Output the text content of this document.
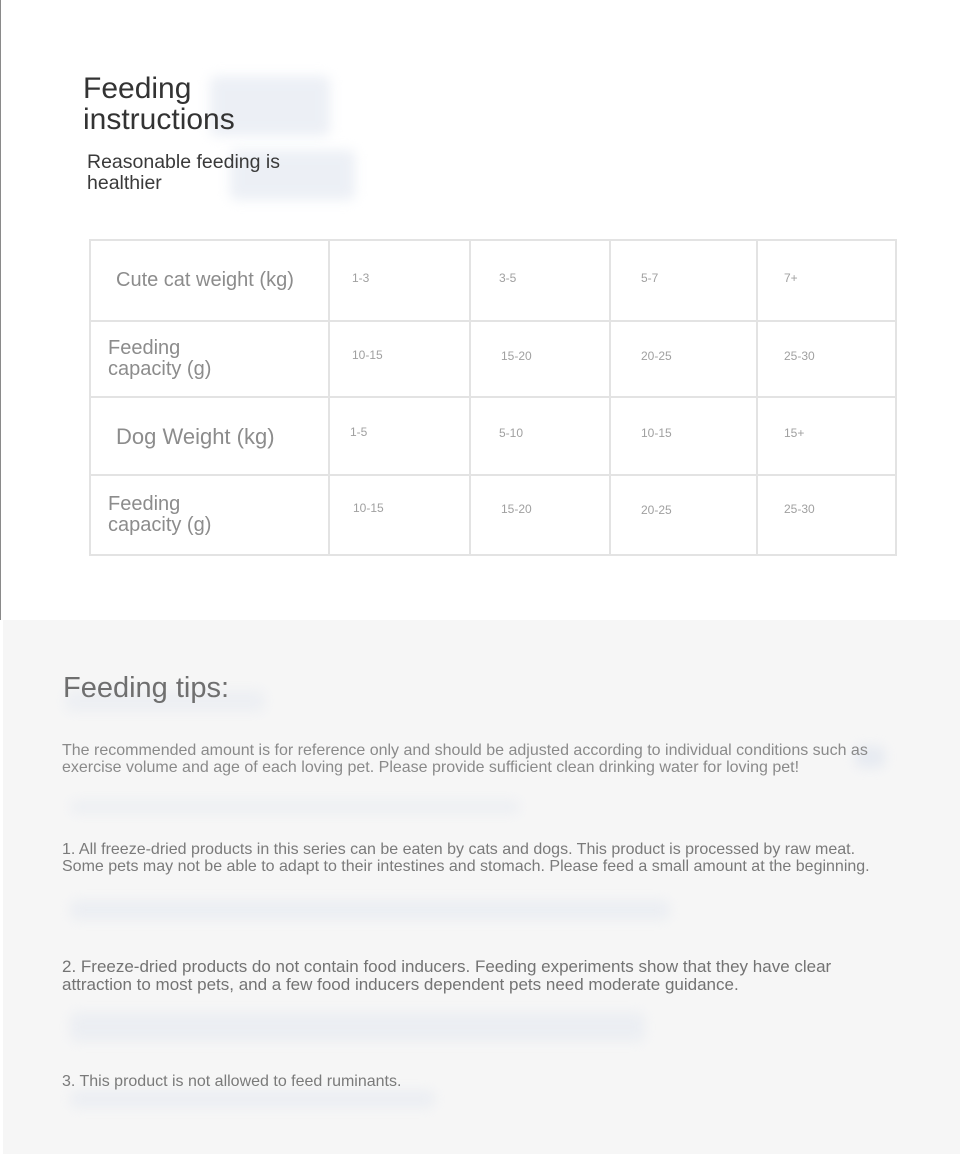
Feeding instructions

Reasonable feeding is healthier

Cute cat weight (kg)	1-3	3-5	5-7	7+

Feeding capacity (g)	10-15	15-20	20-25	25-30

Dog Weight (kg)	1-5	5-10	10-15	15+

Feeding capacity (g)	10-15	15-20	20-25	25-30
Feeding tips:

The recommended amount is for reference only and should be adjusted according to individual conditions such as exercise volume and age of each loving pet. Please provide sufficient clean drinking water for loving pet!

1. All freeze-dried products in this series can be eaten by cats and dogs. This product is processed by raw meat. Some pets may not be able to adapt to their intestines and stomach. Please feed a small amount at the beginning.

2. Freeze-dried products do not contain food inducers. Feeding experiments show that they have clear attraction to most pets, and a few food inducers dependent pets need moderate guidance.

3. This product is not allowed to feed ruminants.
